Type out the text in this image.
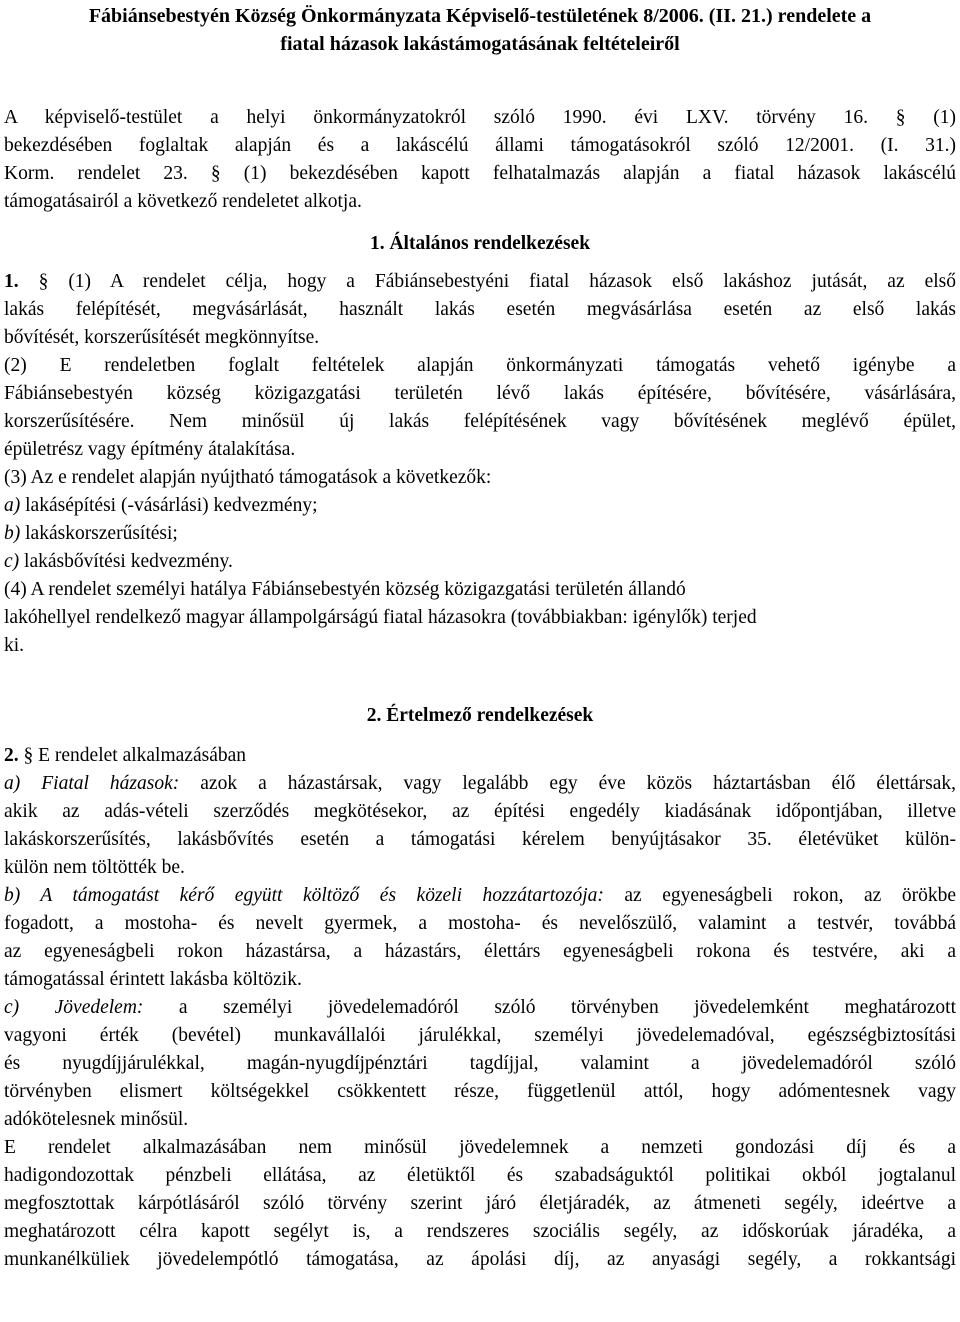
Fábiánsebestyén Község Önkormányzata Képviselő-testületének 8/2006. (II. 21.) rendelete a
fiatal házasok lakástámogatásának feltételeiről

A képviselő-testület a helyi önkormányzatokról szóló 1990. évi LXV. törvény 16. § (1)

bekezdésében foglaltak alapján és a lakáscélú állami támogatásokról szóló 12/2001. (I. 31.)

Korm. rendelet 23. § (1) bekezdésében kapott felhatalmazás alapján a fiatal házasok lakáscélú

támogatásairól a következő rendeletet alkotja.

1. Általános rendelkezések

1. § (1) A rendelet célja, hogy a Fábiánsebestyéni fiatal házasok első lakáshoz jutását, az első

lakás felépítését, megvásárlását, használt lakás esetén megvásárlása esetén az első lakás

bővítését, korszerűsítését megkönnyítse.

(2) E rendeletben foglalt feltételek alapján önkormányzati támogatás vehető igénybe a

Fábiánsebestyén község közigazgatási területén lévő lakás építésére, bővítésére, vásárlására,

korszerűsítésére. Nem minősül új lakás felépítésének vagy bővítésének meglévő épület,

épületrész vagy építmény átalakítása.

(3) Az e rendelet alapján nyújtható támogatások a következők:

a) lakásépítési (-vásárlási) kedvezmény;

b) lakáskorszerűsítési;

c) lakásbővítési kedvezmény.

(4) A rendelet személyi hatálya Fábiánsebestyén község közigazgatási területén állandó

lakóhellyel rendelkező magyar állampolgárságú fiatal házasokra (továbbiakban: igénylők) terjed

ki.

2. Értelmező rendelkezések

2. § E rendelet alkalmazásában

a) Fiatal házasok: azok a házastársak, vagy legalább egy éve közös háztartásban élő élettársak,

akik az adás-vételi szerződés megkötésekor, az építési engedély kiadásának időpontjában, illetve

lakáskorszerűsítés, lakásbővítés esetén a támogatási kérelem benyújtásakor 35. életévüket külön-

külön nem töltötték be.

b) A támogatást kérő együtt költöző és közeli hozzátartozója: az egyeneságbeli rokon, az örökbe

fogadott, a mostoha- és nevelt gyermek, a mostoha- és nevelőszülő, valamint a testvér, továbbá

az egyeneságbeli rokon házastársa, a házastárs, élettárs egyeneságbeli rokona és testvére, aki a

támogatással érintett lakásba költözik.

c) Jövedelem: a személyi jövedelemadóról szóló törvényben jövedelemként meghatározott

vagyoni érték (bevétel) munkavállalói járulékkal, személyi jövedelemadóval, egészségbiztosítási

és nyugdíjjárulékkal, magán-nyugdíjpénztári tagdíjjal, valamint a jövedelemadóról szóló

törvényben elismert költségekkel csökkentett része, függetlenül attól, hogy adómentesnek vagy

adókötelesnek minősül.

E rendelet alkalmazásában nem minősül jövedelemnek a nemzeti gondozási díj és a

hadigondozottak pénzbeli ellátása, az életüktől és szabadságuktól politikai okból jogtalanul

megfosztottak kárpótlásáról szóló törvény szerint járó életjáradék, az átmeneti segély, ideértve a

meghatározott célra kapott segélyt is, a rendszeres szociális segély, az időskorúak járadéka, a

munkanélküliek jövedelempótló támogatása, az ápolási díj, az anyasági segély, a rokkantsági
